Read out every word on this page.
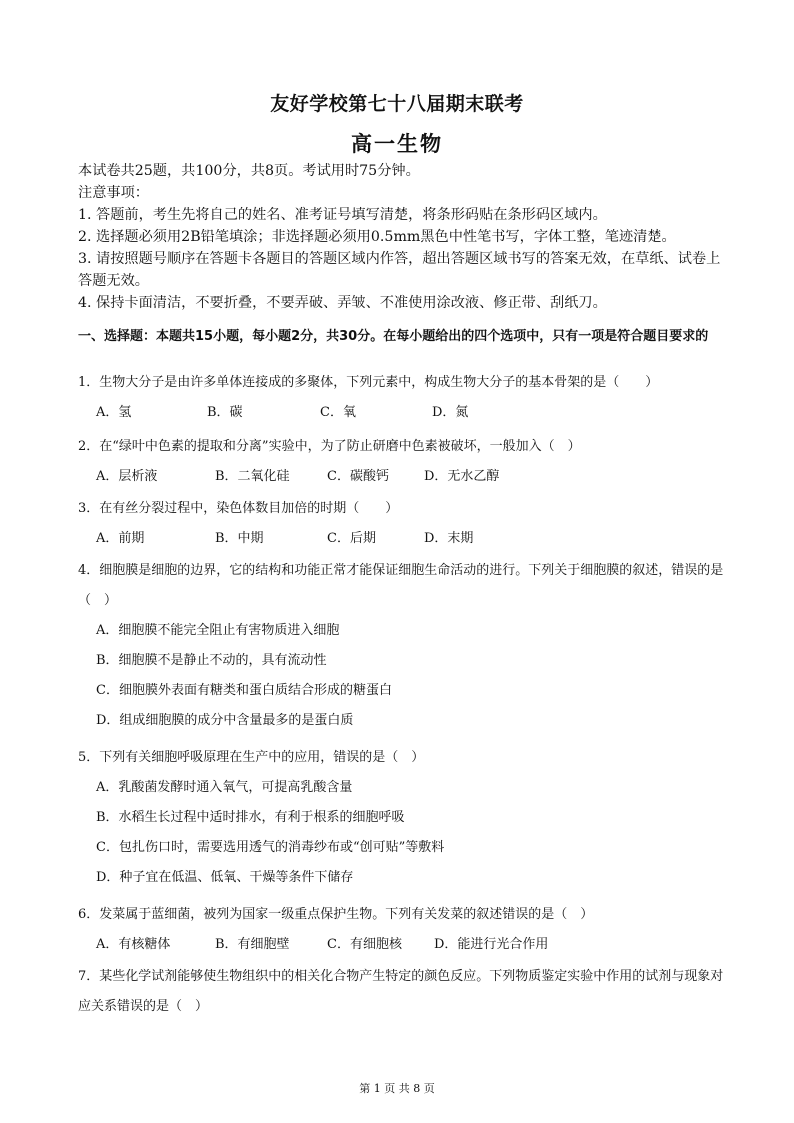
友好学校第七十八届期末联考
高一生物
本试卷共25题，共100分，共8页。考试用时75分钟。
注意事项：
1. 答题前，考生先将自己的姓名、准考证号填写清楚，将条形码贴在条形码区域内。
2. 选择题必须用2B铅笔填涂；非选择题必须用0.5mm黑色中性笔书写，字体工整，笔迹清楚。
3. 请按照题号顺序在答题卡各题目的答题区域内作答，超出答题区域书写的答案无效，在草纸、试卷上答题无效。
4. 保持卡面清洁，不要折叠，不要弄破、弄皱、不准使用涂改液、修正带、刮纸刀。
一、选择题：本题共15小题，每小题2分，共30分。在每小题给出的四个选项中，只有一项是符合题目要求的
1．生物大分子是由许多单体连接成的多聚体，下列元素中，构成生物大分子的基本骨架的是（　　）
A．氢	B．碳	C．氧	D．氮
2．在“绿叶中色素的提取和分离”实验中，为了防止研磨中色素被破坏，一般加入（　）
A．层析液	B．二氧化硅	C．碳酸钙	D．无水乙醇
3．在有丝分裂过程中，染色体数目加倍的时期（　　）
A．前期	B．中期	C．后期	D．末期
4．细胞膜是细胞的边界，它的结构和功能正常才能保证细胞生命活动的进行。下列关于细胞膜的叙述，错误的是（　）
A．细胞膜不能完全阻止有害物质进入细胞
B．细胞膜不是静止不动的，具有流动性
C．细胞膜外表面有糖类和蛋白质结合形成的糖蛋白
D．组成细胞膜的成分中含量最多的是蛋白质
5．下列有关细胞呼吸原理在生产中的应用，错误的是（　）
A．乳酸菌发酵时通入氧气，可提高乳酸含量
B．水稻生长过程中适时排水，有利于根系的细胞呼吸
C．包扎伤口时，需要选用透气的消毒纱布或“创可贴”等敷料
D．种子宜在低温、低氧、干燥等条件下储存
6．发菜属于蓝细菌，被列为国家一级重点保护生物。下列有关发菜的叙述错误的是（　）
A．有核糖体	B．有细胞壁	C．有细胞核	D．能进行光合作用
7．某些化学试剂能够使生物组织中的相关化合物产生特定的颜色反应。下列物质鉴定实验中作用的试剂与现象对应关系错误的是（　）
第 1 页 共 8 页
